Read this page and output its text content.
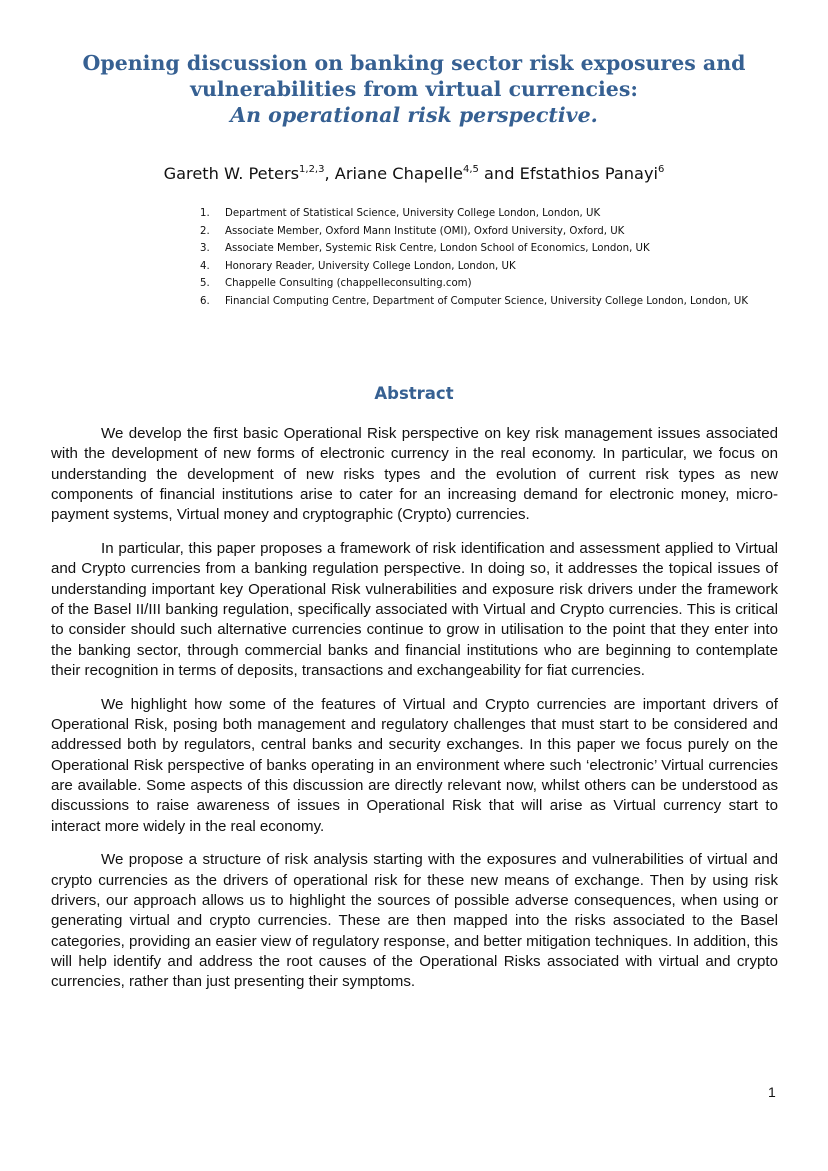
Opening discussion on banking sector risk exposures and
vulnerabilities from virtual currencies:
An operational risk perspective.
Gareth W. Peters$^{1,2,3}$, Ariane Chapelle$^{4,5}$ and Efstathios Panayi$^6$
1. Department of Statistical Science, University College London, London, UK
2. Associate Member, Oxford Mann Institute (OMI), Oxford University, Oxford, UK
3. Associate Member, Systemic Risk Centre, London School of Economics, London, UK
4. Honorary Reader, University College London, London, UK
5. Chappelle Consulting (chappelleconsulting.com)
6. Financial Computing Centre, Department of Computer Science, University College London, London, UK
Abstract

We develop the first basic Operational Risk perspective on key risk management issues associated with the development of new forms of electronic currency in the real economy. In particular, we focus on understanding the development of new risks types and the evolution of current risk types as new components of financial institutions arise to cater for an increasing demand for electronic money, micro-payment systems, Virtual money and cryptographic (Crypto) currencies.

In particular, this paper proposes a framework of risk identification and assessment applied to Virtual and Crypto currencies from a banking regulation perspective. In doing so, it addresses the topical issues of understanding important key Operational Risk vulnerabilities and exposure risk drivers under the framework of the Basel II/III banking regulation, specifically associated with Virtual and Crypto currencies. This is critical to consider should such alternative currencies continue to grow in utilisation to the point that they enter into the banking sector, through commercial banks and financial institutions who are beginning to contemplate their recognition in terms of deposits, transactions and exchangeability for fiat currencies.

We highlight how some of the features of Virtual and Crypto currencies are important drivers of Operational Risk, posing both management and regulatory challenges that must start to be considered and addressed both by regulators, central banks and security exchanges. In this paper we focus purely on the Operational Risk perspective of banks operating in an environment where such ‘electronic’ Virtual currencies are available. Some aspects of this discussion are directly relevant now, whilst others can be understood as discussions to raise awareness of issues in Operational Risk that will arise as Virtual currency start to interact more widely in the real economy.

We propose a structure of risk analysis starting with the exposures and vulnerabilities of virtual and crypto currencies as the drivers of operational risk for these new means of exchange. Then by using risk drivers, our approach allows us to highlight the sources of possible adverse consequences, when using or generating virtual and crypto currencies. These are then mapped into the risks associated to the Basel categories, providing an easier view of regulatory response, and better mitigation techniques. In addition, this will help identify and address the root causes of the Operational Risks associated with virtual and crypto currencies, rather than just presenting their symptoms.

1
